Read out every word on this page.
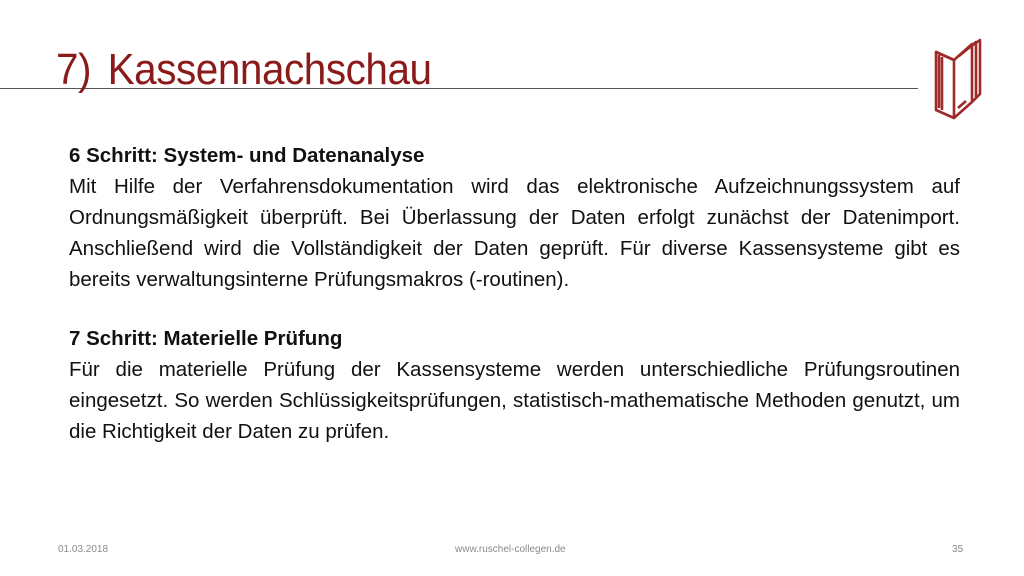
7) Kassennachschau
6 Schritt: System- und Datenanalyse

Mit Hilfe der Verfahrensdokumentation wird das elektronische Aufzeichnungssystem auf Ordnungsmäßigkeit überprüft. Bei Überlassung der Daten erfolgt zunächst der Datenimport. Anschließend wird die Vollständigkeit der Daten geprüft. Für diverse Kassensysteme gibt es bereits verwaltungsinterne Prüfungsmakros (-routinen).

7 Schritt: Materielle Prüfung

Für die materielle Prüfung der Kassensysteme werden unterschiedliche Prüfungsroutinen eingesetzt. So werden Schlüssigkeitsprüfungen, statistisch-mathematische Methoden genutzt, um die Richtigkeit der Daten zu prüfen.

01.03.2018	www.ruschel-collegen.de	35
